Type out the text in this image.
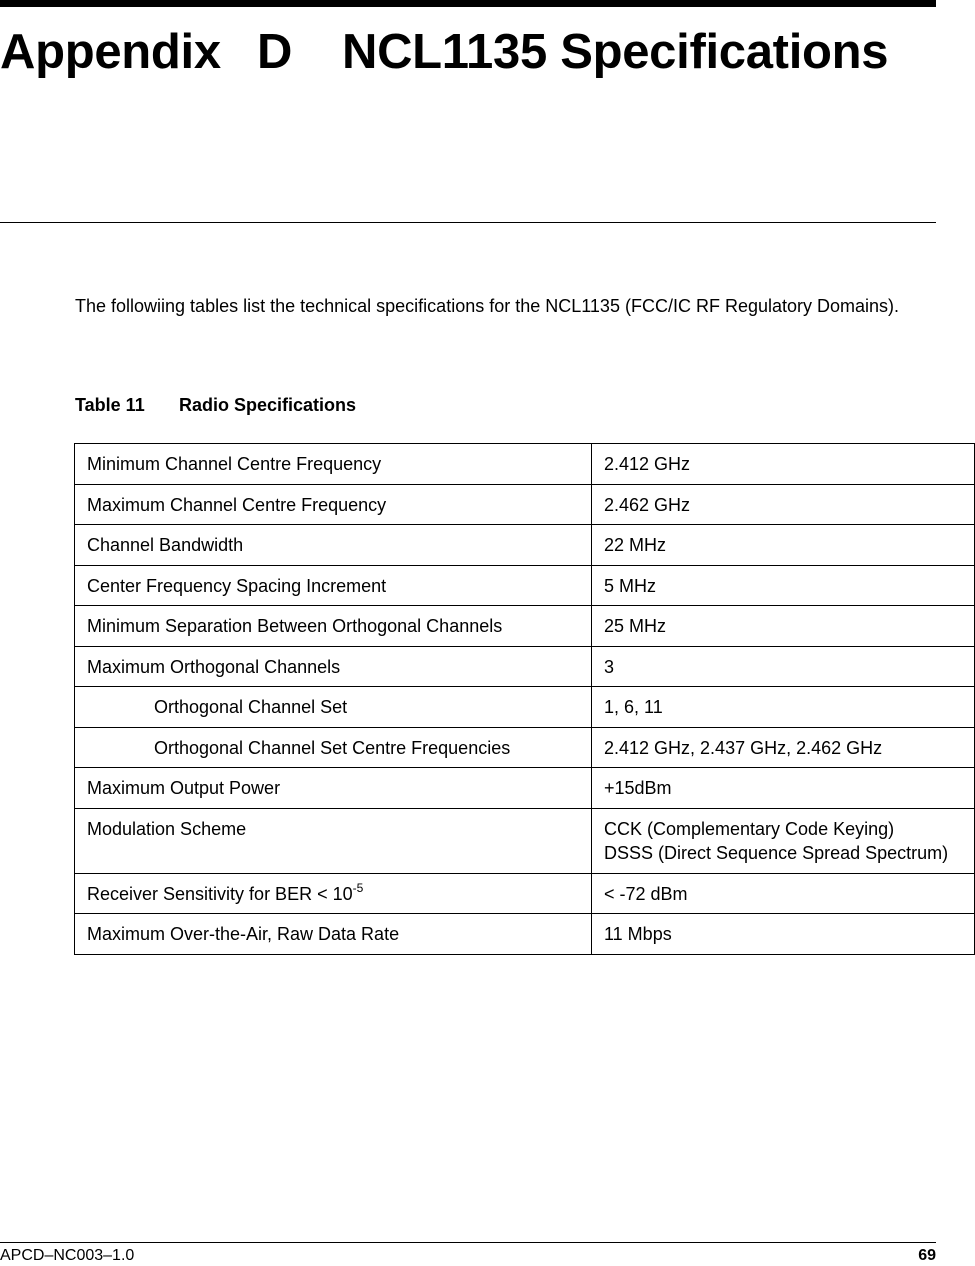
Appendix D NCL1135 Specifications

The followiing tables list the technical specifications for the NCL1135 (FCC/IC RF Regulatory Domains).

Table 11 Radio Specifications

Minimum Channel Centre Frequency	2.412 GHz

Maximum Channel Centre Frequency	2.462 GHz

Channel Bandwidth	22 MHz

Center Frequency Spacing Increment	5 MHz

Minimum Separation Between Orthogonal Channels	25 MHz

Maximum Orthogonal Channels	3

Orthogonal Channel Set	1, 6, 11

Orthogonal Channel Set Centre Frequencies	2.412 GHz, 2.437 GHz, 2.462 GHz

Maximum Output Power	+15dBm

Modulation Scheme	CCK (Complementary Code Keying)
DSSS (Direct Sequence Spread Spectrum)

Receiver Sensitivity for BER < $10^{-5}$	< -72 dBm

Maximum Over-the-Air, Raw Data Rate	11 Mbps
APCD–NC003–1.0	69
